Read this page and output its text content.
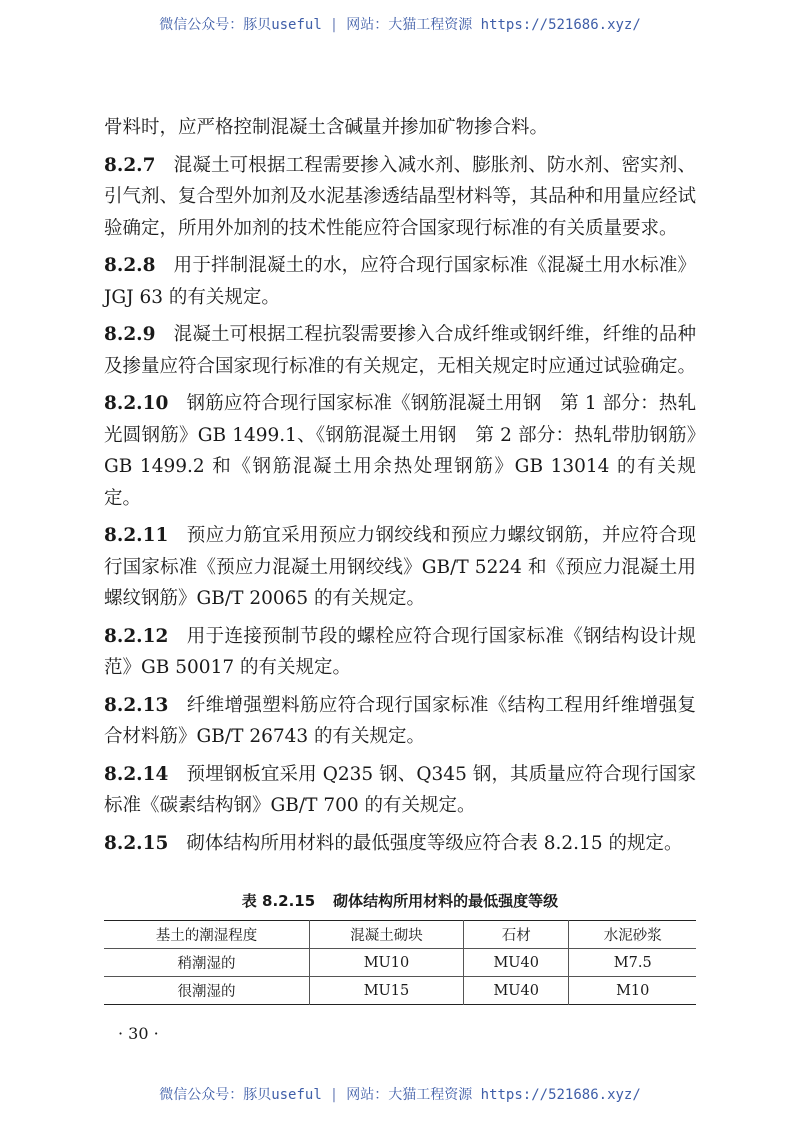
微信公众号：豚贝useful | 网站：大猫工程资源 https://521686.xyz/

骨料时，应严格控制混凝土含碱量并掺加矿物掺合料。

8.2.7 混凝土可根据工程需要掺入减水剂、膨胀剂、防水剂、密实剂、引气剂、复合型外加剂及水泥基渗透结晶型材料等，其品种和用量应经试验确定，所用外加剂的技术性能应符合国家现行标准的有关质量要求。

8.2.8 用于拌制混凝土的水，应符合现行国家标准《混凝土用水标准》JGJ 63 的有关规定。

8.2.9 混凝土可根据工程抗裂需要掺入合成纤维或钢纤维，纤维的品种及掺量应符合国家现行标准的有关规定，无相关规定时应通过试验确定。

8.2.10 钢筋应符合现行国家标准《钢筋混凝土用钢　第 1 部分：热轧光圆钢筋》GB 1499.1、《钢筋混凝土用钢　第 2 部分：热轧带肋钢筋》GB 1499.2 和《钢筋混凝土用余热处理钢筋》GB 13014 的有关规定。

8.2.11 预应力筋宜采用预应力钢绞线和预应力螺纹钢筋，并应符合现行国家标准《预应力混凝土用钢绞线》GB/T 5224 和《预应力混凝土用螺纹钢筋》GB/T 20065 的有关规定。

8.2.12 用于连接预制节段的螺栓应符合现行国家标准《钢结构设计规范》GB 50017 的有关规定。

8.2.13 纤维增强塑料筋应符合现行国家标准《结构工程用纤维增强复合材料筋》GB/T 26743 的有关规定。

8.2.14 预埋钢板宜采用 Q235 钢、Q345 钢，其质量应符合现行国家标准《碳素结构钢》GB/T 700 的有关规定。

8.2.15 砌体结构所用材料的最低强度等级应符合表 8.2.15 的规定。

表 8.2.15 砌体结构所用材料的最低强度等级
基土的潮湿程度	混凝土砌块	石材	水泥砂浆
稍潮湿的	MU10	MU40	M7.5
很潮湿的	MU15	MU40	M10
· 30 ·
微信公众号：豚贝useful | 网站：大猫工程资源 https://521686.xyz/
